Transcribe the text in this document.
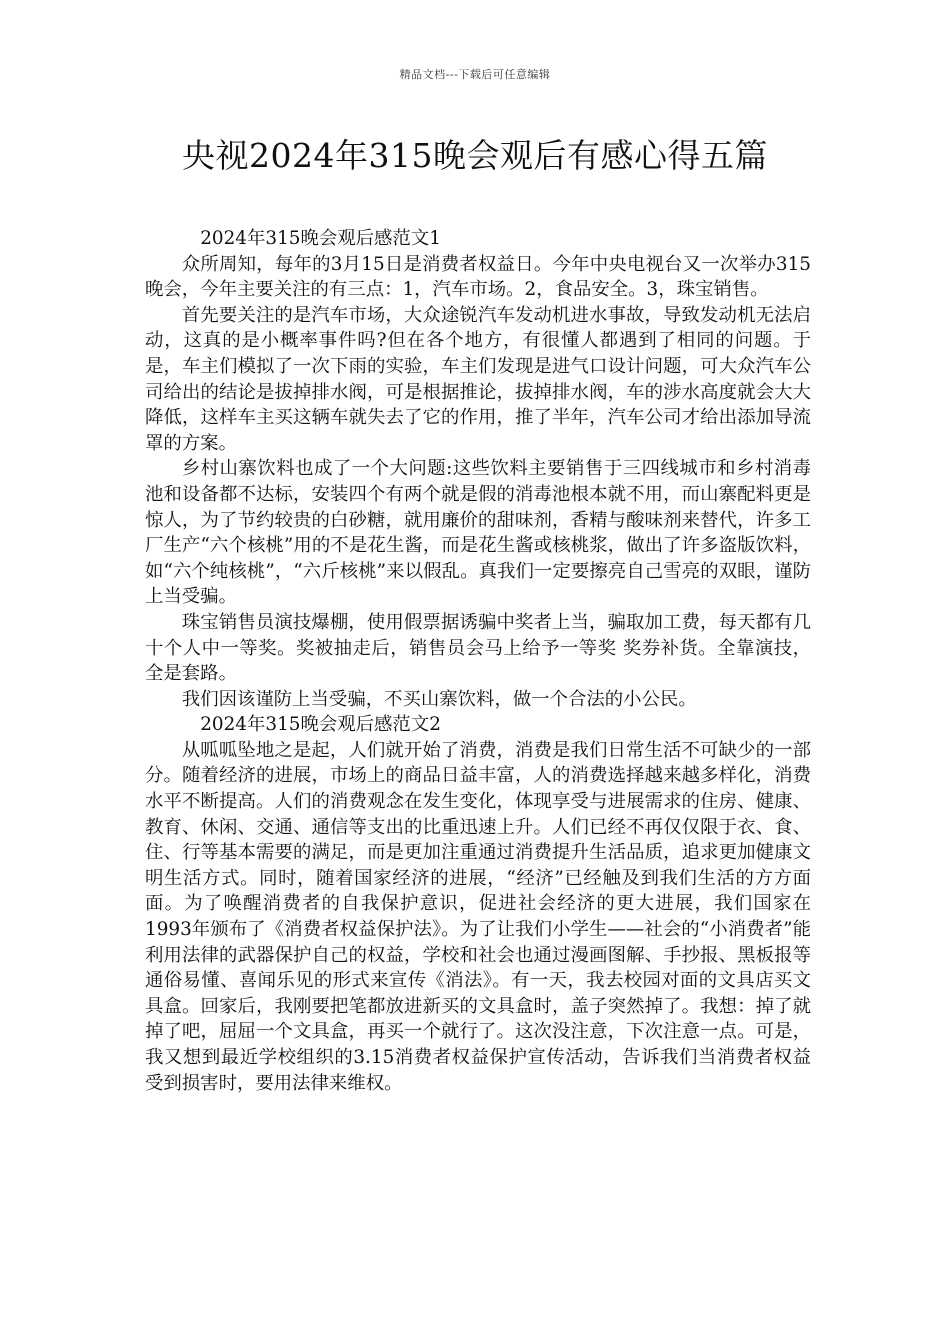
精品文档---下载后可任意编辑
央视2024年315晚会观后有感心得五篇

2024年315晚会观后感范文1

众所周知，每年的3月15日是消费者权益日。今年中央电视台又一次举办315晚会，今年主要关注的有三点：1，汽车市场。2，食品安全。3，珠宝销售。

首先要关注的是汽车市场，大众途锐汽车发动机进水事故，导致发动机无法启动，这真的是小概率事件吗?但在各个地方，有很懂人都遇到了相同的问题。于是，车主们模拟了一次下雨的实验，车主们发现是进气口设计问题，可大众汽车公司给出的结论是拔掉排水阀，可是根据推论，拔掉排水阀，车的涉水高度就会大大降低，这样车主买这辆车就失去了它的作用，推了半年，汽车公司才给出添加导流罩的方案。

乡村山寨饮料也成了一个大问题:这些饮料主要销售于三四线城市和乡村消毒池和设备都不达标，安装四个有两个就是假的消毒池根本就不用，而山寨配料更是惊人，为了节约较贵的白砂糖，就用廉价的甜味剂，香精与酸味剂来替代，许多工厂生产“六个核桃”用的不是花生酱，而是花生酱或核桃浆，做出了许多盗版饮料，如“六个纯核桃”，“六斤核桃”来以假乱。真我们一定要擦亮自己雪亮的双眼，谨防上当受骗。

珠宝销售员演技爆棚，使用假票据诱骗中奖者上当，骗取加工费，每天都有几十个人中一等奖。奖被抽走后，销售员会马上给予一等奖 奖券补货。全靠演技，全是套路。

我们因该谨防上当受骗，不买山寨饮料，做一个合法的小公民。

2024年315晚会观后感范文2

从呱呱坠地之是起，人们就开始了消费，消费是我们日常生活不可缺少的一部分。随着经济的进展，市场上的商品日益丰富，人的消费选择越来越多样化，消费水平不断提高。人们的消费观念在发生变化，体现享受与进展需求的住房、健康、教育、休闲、交通、通信等支出的比重迅速上升。人们已经不再仅仅限于衣、食、住、行等基本需要的满足，而是更加注重通过消费提升生活品质，追求更加健康文明生活方式。同时，随着国家经济的进展，“经济”已经触及到我们生活的方方面面。为了唤醒消费者的自我保护意识，促进社会经济的更大进展，我们国家在1993年颁布了《消费者权益保护法》。为了让我们小学生——社会的“小消费者”能利用法律的武器保护自己的权益，学校和社会也通过漫画图解、手抄报、黑板报等通俗易懂、喜闻乐见的形式来宣传《消法》。有一天，我去校园对面的文具店买文具盒。回家后，我刚要把笔都放进新买的文具盒时，盖子突然掉了。我想：掉了就掉了吧，屈屈一个文具盒，再买一个就行了。这次没注意，下次注意一点。可是，我又想到最近学校组织的3.15消费者权益保护宣传活动，告诉我们当消费者权益受到损害时，要用法律来维权。
